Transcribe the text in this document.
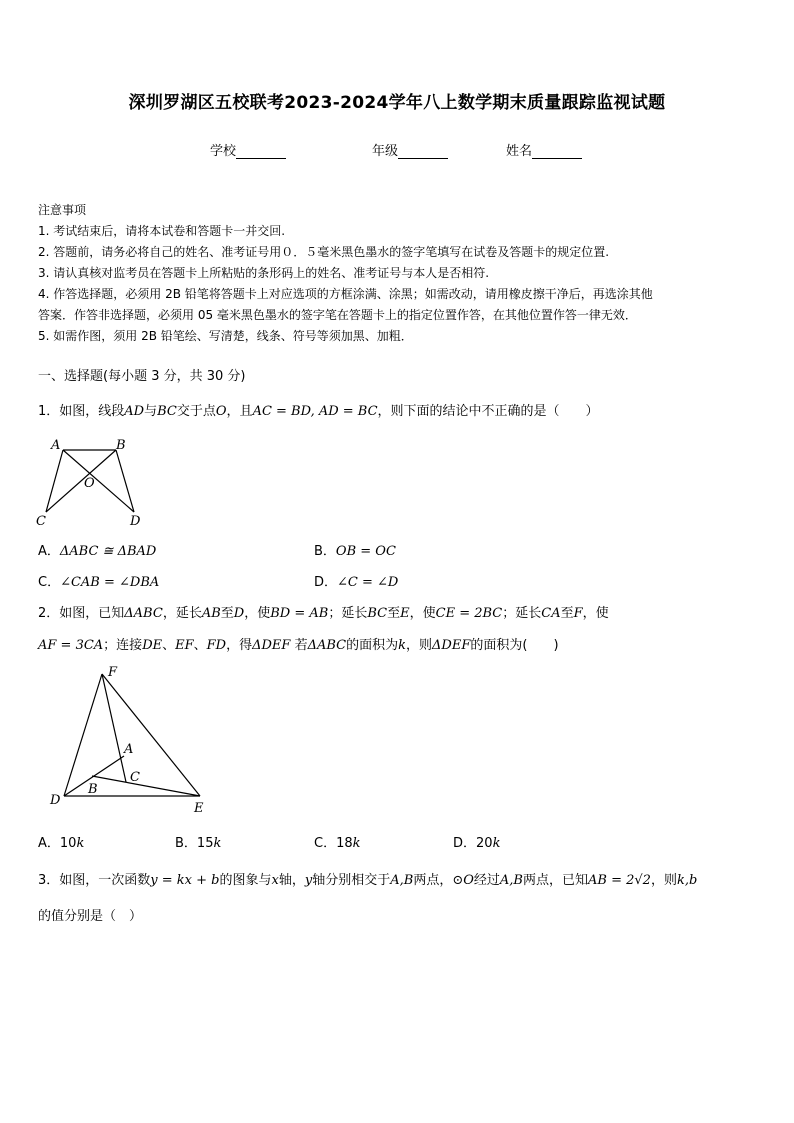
深圳罗湖区五校联考2023-2024学年八上数学期末质量跟踪监视试题
学校	年级	姓名
注意事项
1. 考试结束后，请将本试卷和答题卡一并交回.
2. 答题前，请务必将自己的姓名、准考证号用０．５毫米黑色墨水的签字笔填写在试卷及答题卡的规定位置.
3. 请认真核对监考员在答题卡上所粘贴的条形码上的姓名、准考证号与本人是否相符.
4. 作答选择题，必须用 2B 铅笔将答题卡上对应选项的方框涂满、涂黑；如需改动，请用橡皮擦干净后，再选涂其他
答案．作答非选择题，必须用 05 毫米黑色墨水的签字笔在答题卡上的指定位置作答，在其他位置作答一律无效．
5. 如需作图，须用 2B 铅笔绘、写清楚，线条、符号等须加黑、加粗．
一、选择题(每小题 3 分，共 30 分)
1．如图，线段AD与BC交于点O，且AC = BD, AD = BC，则下面的结论中不正确的是（　　）
A	B
O
C	D
A．ΔABC ≅ ΔBAD	B．OB = OC
C．∠CAB = ∠DBA	D．∠C = ∠D
2．如图，已知ΔABC，延长AB至D，使BD = AB；延长BC至E，使CE = 2BC；延长CA至F，使
AF = 3CA；连接DE、EF、FD，得ΔDEF 若ΔABC的面积为k，则ΔDEF的面积为(　　)
F
A
C
B
D
E
A．10k	B．15k	C．18k	D．20k
3．如图，一次函数y = kx + b的图象与x轴，y轴分别相交于A,B两点，⊙O经过A,B两点，已知AB = 2√2，则k,b
的值分别是（　）
